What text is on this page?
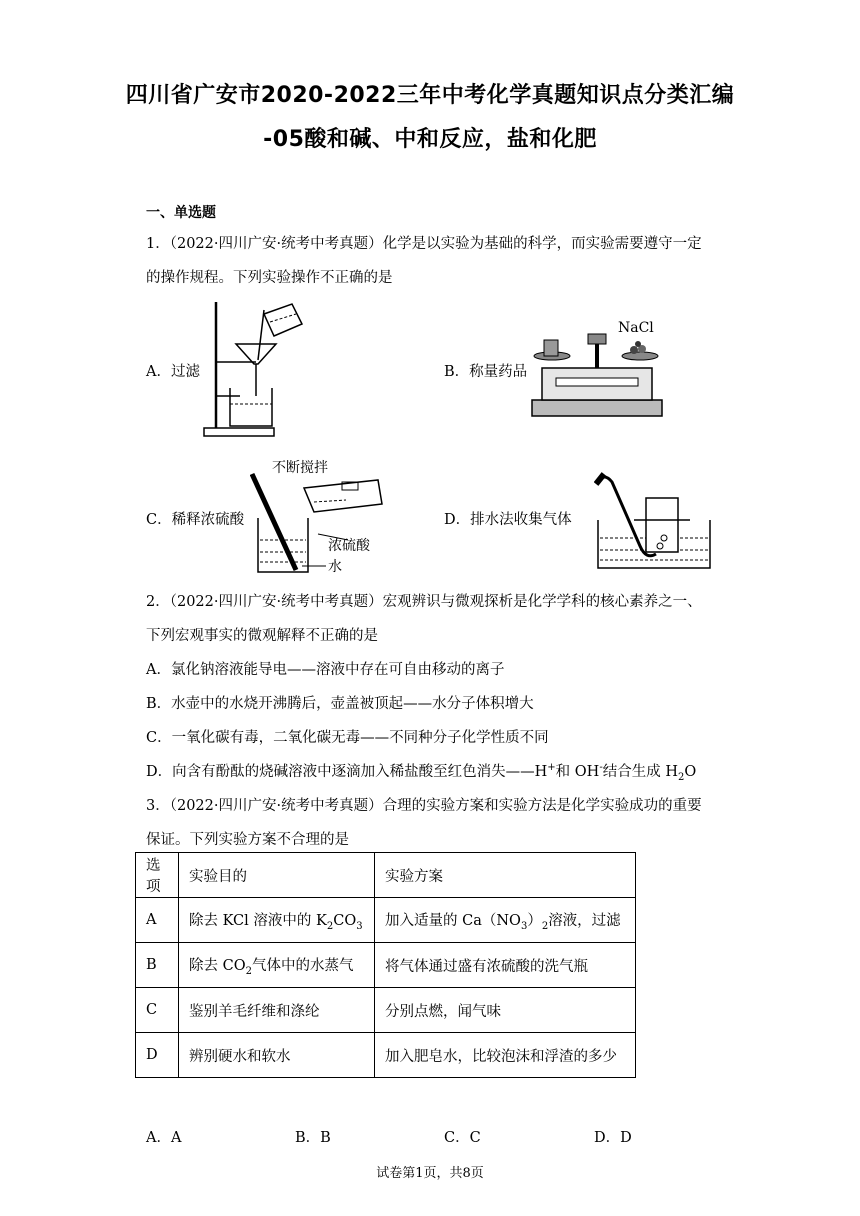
四川省广安市2020-2022三年中考化学真题知识点分类汇编
-05酸和碱、中和反应，盐和化肥
一、单选题
1．（2022·四川广安·统考中考真题）化学是以实验为基础的科学，而实验需要遵守一定
的操作规程。下列实验操作不正确的是
A．过滤	B．称量药品
C．稀释浓硫酸	D．排水法收集气体
NaCl
不断搅拌
浓硫酸
水
2．（2022·四川广安·统考中考真题）宏观辨识与微观探析是化学学科的核心素养之一、
下列宏观事实的微观解释不正确的是
A．氯化钠溶液能导电——溶液中存在可自由移动的离子
B．水壶中的水烧开沸腾后，壶盖被顶起——水分子体积增大
C．一氧化碳有毒，二氧化碳无毒——不同种分子化学性质不同
D．向含有酚酞的烧碱溶液中逐滴加入稀盐酸至红色消失——H+和 OH-结合生成 $H_2O$
3．（2022·四川广安·统考中考真题）合理的实验方案和实验方法是化学实验成功的重要
保证。下列实验方案不合理的是
选项	实验目的	实验方案
A	除去 KCl 溶液中的 $K_2CO_3$	加入适量的 $Ca(NO_3)_2$溶液，过滤
B	除去 $CO_2$气体中的水蒸气	将气体通过盛有浓硫酸的洗气瓶
C	鉴别羊毛纤维和涤纶	分别点燃，闻气味
D	辨别硬水和软水	加入肥皂水，比较泡沫和浮渣的多少
A．A	B．B	C．C	D．D
试卷第1页，共8页
